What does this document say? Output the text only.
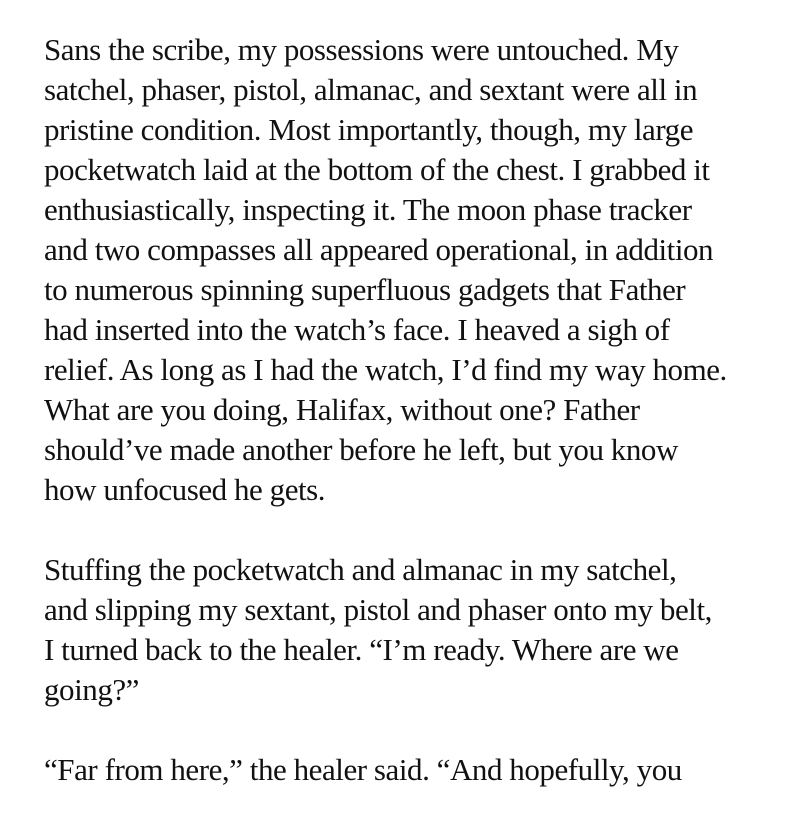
Sans the scribe, my possessions were untouched. My
satchel, phaser, pistol, almanac, and sextant were all in
pristine condition. Most importantly, though, my large
pocketwatch laid at the bottom of the chest. I grabbed it
enthusiastically, inspecting it. The moon phase tracker
and two compasses all appeared operational, in addition
to numerous spinning superfluous gadgets that Father
had inserted into the watch’s face. I heaved a sigh of
relief. As long as I had the watch, I’d find my way home.
What are you doing, Halifax, without one? Father
should’ve made another before he left, but you know
how unfocused he gets.

Stuffing the pocketwatch and almanac in my satchel,
and slipping my sextant, pistol and phaser onto my belt,
I turned back to the healer. “I’m ready. Where are we
going?”

“Far from here,” the healer said. “And hopefully, you
